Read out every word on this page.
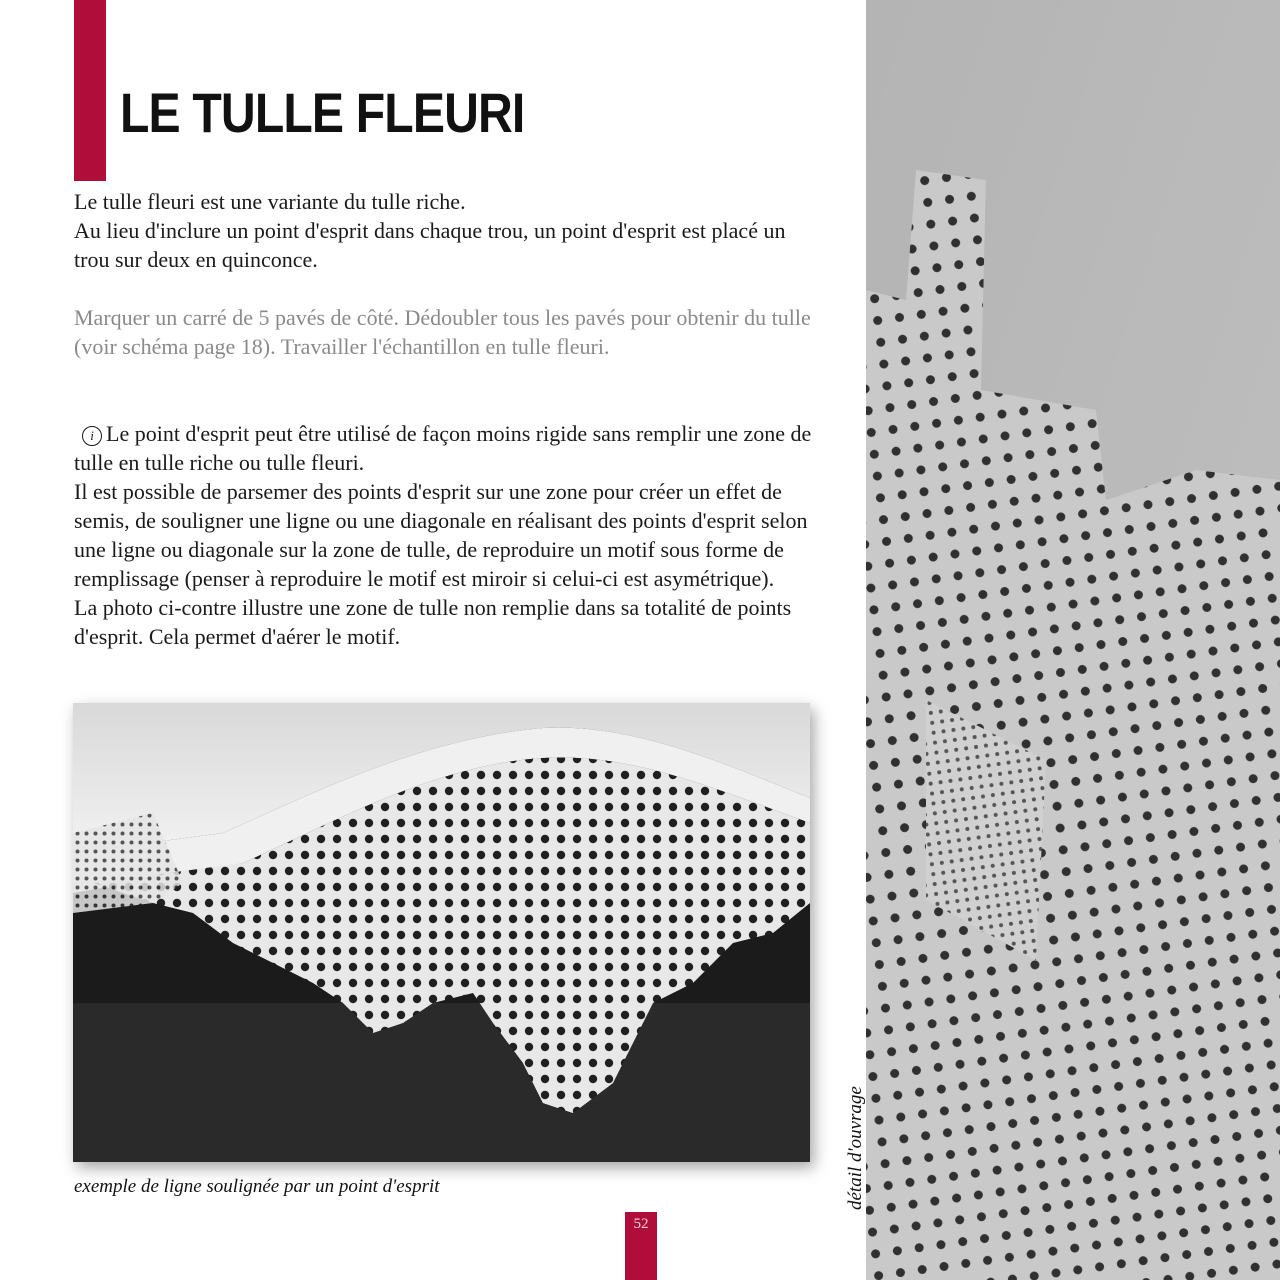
LE TULLE FLEURI

Le tulle fleuri est une variante du tulle riche.

Au lieu d'inclure un point d'esprit dans chaque trou, un point d'esprit est placé un trou sur deux en quinconce.

Marquer un carré de 5 pavés de côté. Dédoubler tous les pavés pour obtenir du tulle (voir schéma page 18). Travailler l'échantillon en tulle fleuri.

i Le point d'esprit peut être utilisé de façon moins rigide sans remplir une zone de tulle en tulle riche ou tulle fleuri.

Il est possible de parsemer des points d'esprit sur une zone pour créer un effet de semis, de souligner une ligne ou une diagonale en réalisant des points d'esprit selon une ligne ou diagonale sur la zone de tulle, de reproduire un motif sous forme de remplissage (penser à reproduire le motif est miroir si celui-ci est asymétrique).

La photo ci-contre illustre une zone de tulle non remplie dans sa totalité de points d'esprit. Cela permet d'aérer le motif.

exemple de ligne soulignée par un point d'esprit	détail d'ouvrage
52
